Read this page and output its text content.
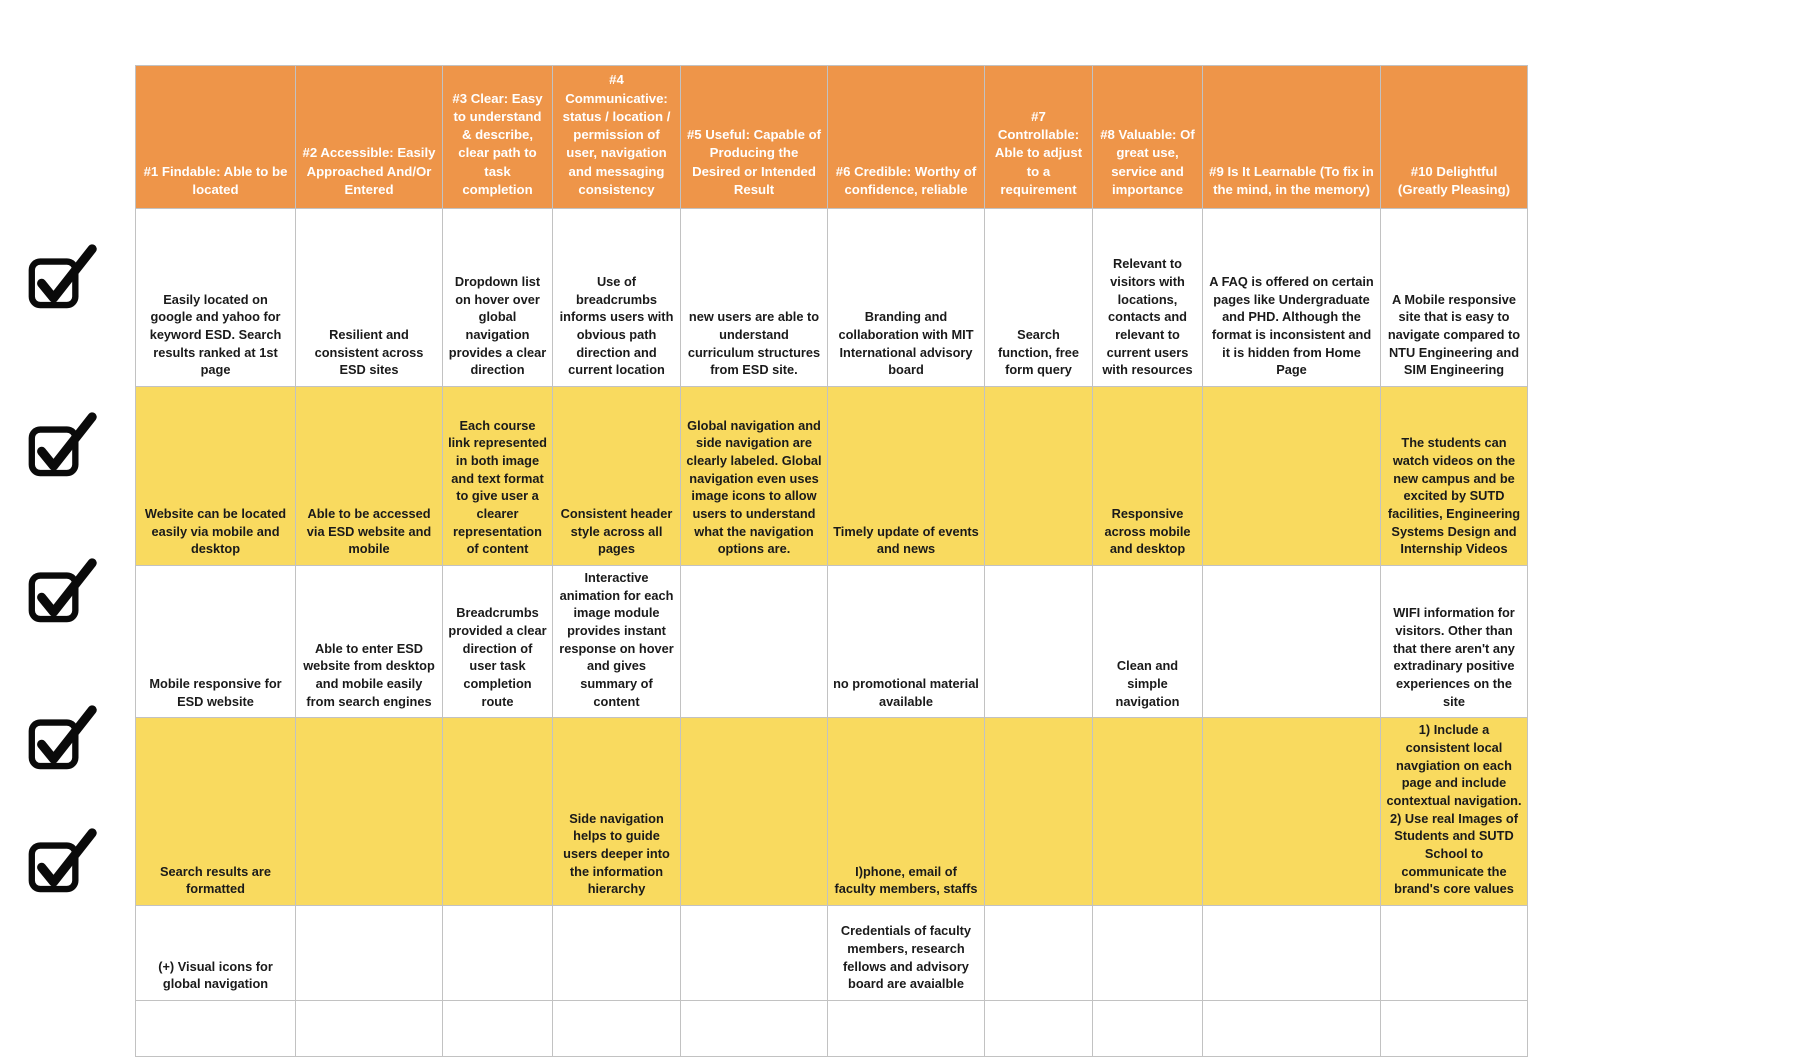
#1 Findable: Able to be located	#2 Accessible: Easily Approached And/Or Entered	#3 Clear: Easy to understand & describe, clear path to task completion	#4 Communicative: status / location / permission of user, navigation and messaging consistency	#5 Useful: Capable of Producing the Desired or Intended Result	#6 Credible: Worthy of confidence, reliable	#7 Controllable: Able to adjust to a requirement	#8 Valuable: Of great use, service and importance	#9 Is It Learnable (To fix in the mind, in the memory)	#10 Delightful (Greatly Pleasing)
Easily located on google and yahoo for keyword ESD. Search results ranked at 1st page	Resilient and consistent across ESD sites	Dropdown list on hover over global navigation provides a clear direction	Use of breadcrumbs informs users with obvious path direction and current location	new users are able to understand curriculum structures from ESD site.	Branding and collaboration with MIT International advisory board	Search function, free form query	Relevant to visitors with locations, contacts and relevant to current users with resources	A FAQ is offered on certain pages like Undergraduate and PHD. Although the format is inconsistent and it is hidden from Home Page	A Mobile responsive site that is easy to navigate compared to NTU Engineering and SIM Engineering
Website can be located easily via mobile and desktop	Able to be accessed via ESD website and mobile	Each course link represented in both image and text format to give user a clearer representation of content	Consistent header style across all pages	Global navigation and side navigation are clearly labeled. Global navigation even uses image icons to allow users to understand what the navigation options are.	Timely update of events and news		Responsive across mobile and desktop		The students can watch videos on the new campus and be excited by SUTD facilities, Engineering Systems Design and Internship Videos
Mobile responsive for ESD website	Able to enter ESD website from desktop and mobile easily from search engines	Breadcrumbs provided a clear direction of user task completion route	Interactive animation for each image module provides instant response on hover and gives summary of content		no promotional material available		Clean and simple navigation		WIFI information for visitors. Other than that there aren't any extradinary positive experiences on the site
Search results are formatted			Side navigation helps to guide users deeper into the information hierarchy		I)phone, email of faculty members, staffs				1) Include a consistent local navgiation on each page and include contextual navigation. 2) Use real Images of Students and SUTD School to communicate the brand's core values
(+) Visual icons for global navigation					Credentials of faculty members, research fellows and advisory board are avaialble				
